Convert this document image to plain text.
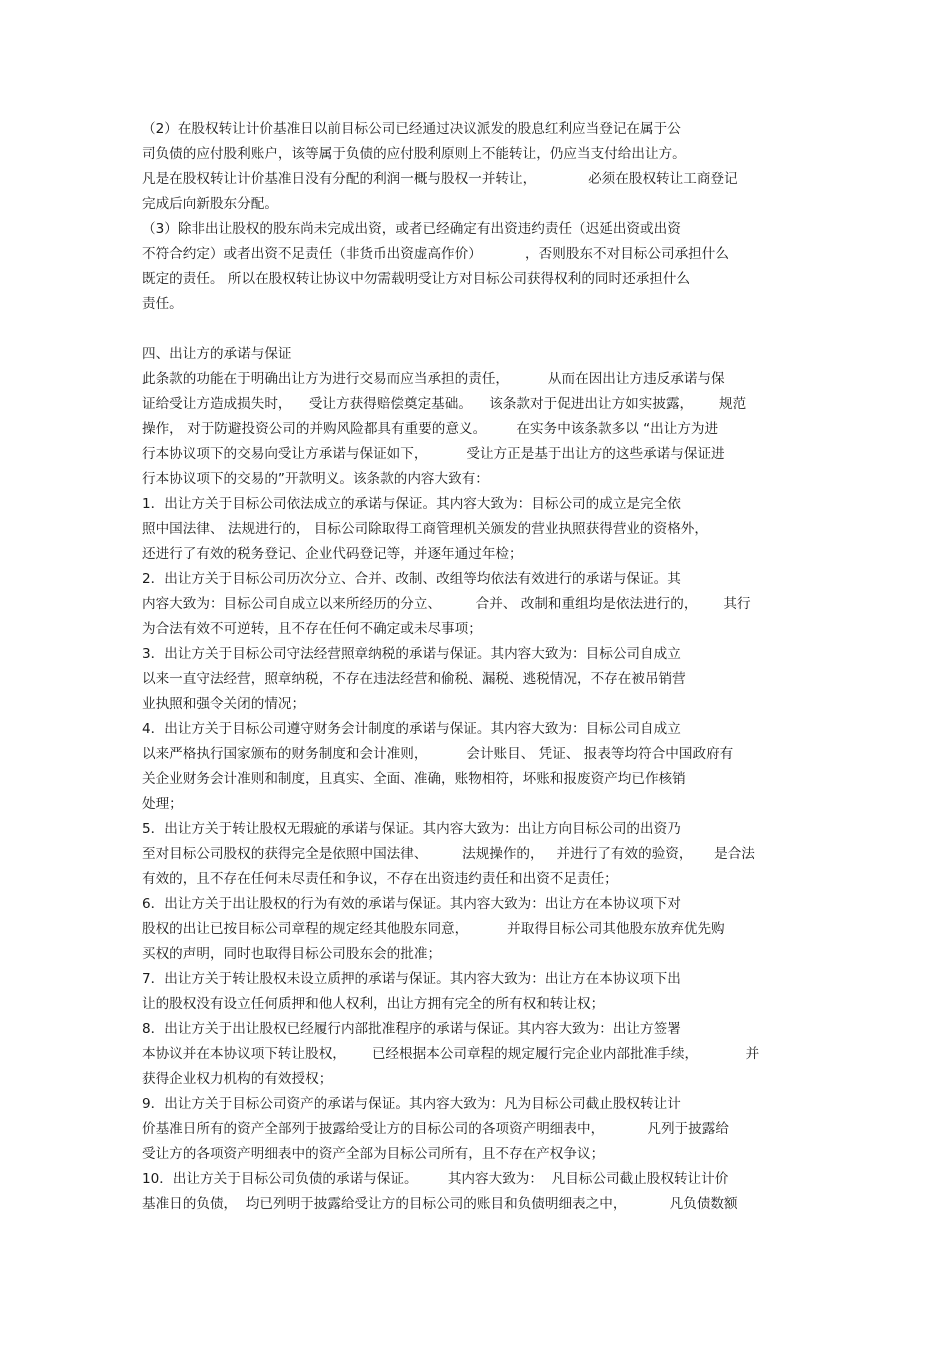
（2）在股权转让计价基准日以前目标公司已经通过决议派发的股息红利应当登记在属于公
司负债的应付股利账户，该等属于负债的应付股利原则上不能转让，仍应当支付给出让方。
凡是在股权转让计价基准日没有分配的利润一概与股权一并转让，            必须在股权转让工商登记
完成后向新股东分配。
（3）除非出让股权的股东尚未完成出资，或者已经确定有出资违约责任（迟延出资或出资
不符合约定）或者出资不足责任（非货币出资虚高作价）          ，否则股东不对目标公司承担什么
既定的责任。 所以在股权转让协议中勿需载明受让方对目标公司获得权利的同时还承担什么
责任。
四、出让方的承诺与保证
此条款的功能在于明确出让方为进行交易而应当承担的责任，         从而在因出让方违反承诺与保
证给受让方造成损失时，    受让方获得赔偿奠定基础。    该条款对于促进出让方如实披露，      规范
操作， 对于防避投资公司的并购风险都具有重要的意义。       在实务中该条款多以 “出让方为进
行本协议项下的交易向受让方承诺与保证如下，         受让方正是基于出让方的这些承诺与保证进
行本协议项下的交易的”开款明义。该条款的内容大致有：
1．出让方关于目标公司依法成立的承诺与保证。其内容大致为：目标公司的成立是完全依
照中国法律、 法规进行的， 目标公司除取得工商管理机关颁发的营业执照获得营业的资格外，
还进行了有效的税务登记、企业代码登记等，并逐年通过年检；
2．出让方关于目标公司历次分立、合并、改制、改组等均依法有效进行的承诺与保证。其
内容大致为：目标公司自成立以来所经历的分立、        合并、 改制和重组均是依法进行的，      其行
为合法有效不可逆转，且不存在任何不确定或未尽事项；
3．出让方关于目标公司守法经营照章纳税的承诺与保证。其内容大致为：目标公司自成立
以来一直守法经营，照章纳税，不存在违法经营和偷税、漏税、逃税情况，不存在被吊销营
业执照和强令关闭的情况；
4．出让方关于目标公司遵守财务会计制度的承诺与保证。其内容大致为：目标公司自成立
以来严格执行国家颁布的财务制度和会计准则，         会计账目、 凭证、 报表等均符合中国政府有
关企业财务会计准则和制度，且真实、全面、准确，账物相符，坏账和报废资产均已作核销
处理；
5．出让方关于转让股权无瑕疵的承诺与保证。其内容大致为：出让方向目标公司的出资乃
至对目标公司股权的获得完全是依照中国法律、        法规操作的，   并进行了有效的验资，     是合法
有效的，且不存在任何未尽责任和争议，不存在出资违约责任和出资不足责任；
6．出让方关于出让股权的行为有效的承诺与保证。其内容大致为：出让方在本协议项下对
股权的出让已按目标公司章程的规定经其他股东同意，         并取得目标公司其他股东放弃优先购
买权的声明，同时也取得目标公司股东会的批准；
7．出让方关于转让股权未设立质押的承诺与保证。其内容大致为：出让方在本协议项下出
让的股权没有设立任何质押和他人权利，出让方拥有完全的所有权和转让权；
8．出让方关于出让股权已经履行内部批准程序的承诺与保证。其内容大致为：出让方签署
本协议并在本协议项下转让股权，      已经根据本公司章程的规定履行完企业内部批准手续，           并
获得企业权力机构的有效授权；
9．出让方关于目标公司资产的承诺与保证。其内容大致为：凡为目标公司截止股权转让计
价基准日所有的资产全部列于披露给受让方的目标公司的各项资产明细表中，          凡列于披露给
受让方的各项资产明细表中的资产全部为目标公司所有，且不存在产权争议；
10．出让方关于目标公司负债的承诺与保证。       其内容大致为：  凡目标公司截止股权转让计价
基准日的负债，  均已列明于披露给受让方的目标公司的账目和负债明细表之中，          凡负债数额
